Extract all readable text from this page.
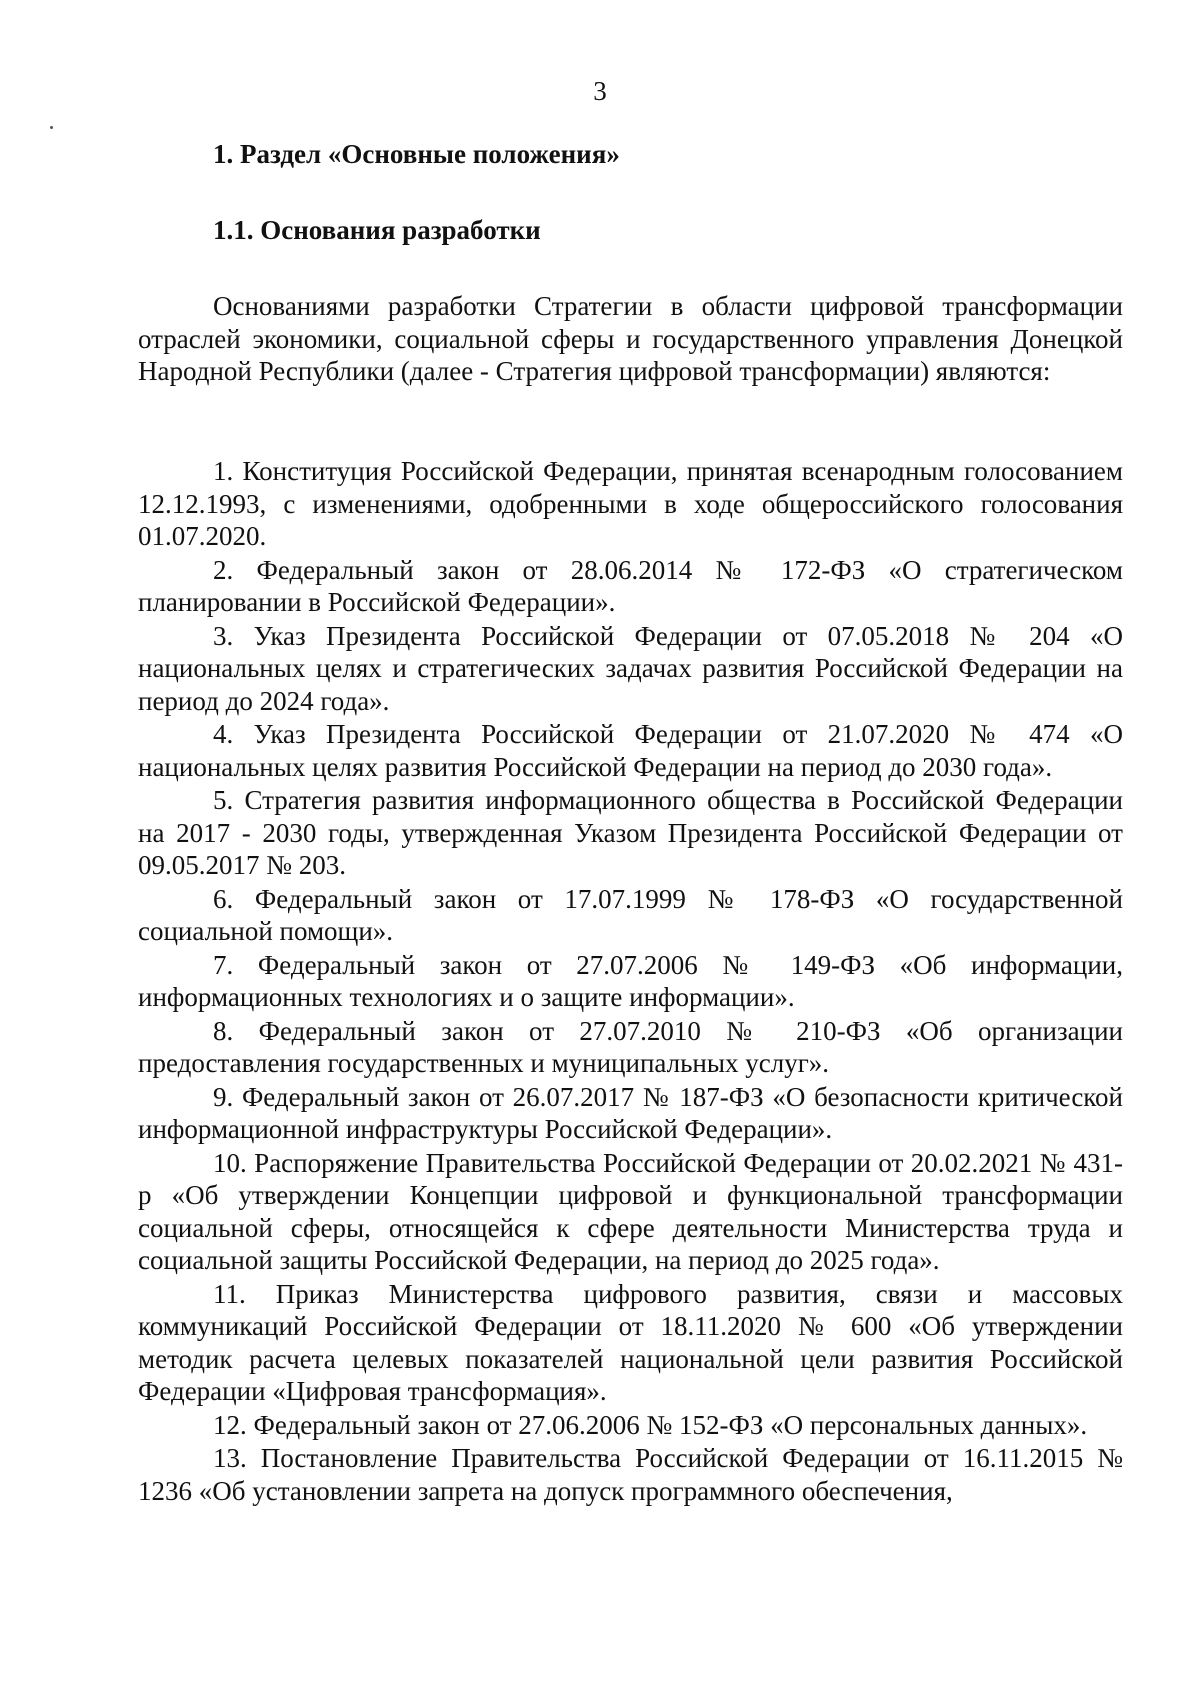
3
1. Раздел «Основные положения»
1.1. Основания разработки
Основаниями разработки Стратегии в области цифровой трансформации отраслей экономики, социальной сферы и государственного управления Донецкой Народной Республики (далее - Стратегия цифровой трансформации) являются:

1. Конституция Российской Федерации, принятая всенародным голосованием 12.12.1993, с изменениями, одобренными в ходе общероссийского голосования 01.07.2020.

2. Федеральный закон от 28.06.2014 № 172-ФЗ «О стратегическом планировании в Российской Федерации».

3. Указ Президента Российской Федерации от 07.05.2018 № 204 «О национальных целях и стратегических задачах развития Российской Федерации на период до 2024 года».

4. Указ Президента Российской Федерации от 21.07.2020 № 474 «О национальных целях развития Российской Федерации на период до 2030 года».

5. Стратегия развития информационного общества в Российской Федерации на 2017 - 2030 годы, утвержденная Указом Президента Российской Федерации от 09.05.2017 № 203.

6. Федеральный закон от 17.07.1999 № 178-ФЗ «О государственной социальной помощи».

7. Федеральный закон от 27.07.2006 № 149-ФЗ «Об информации, информационных технологиях и о защите информации».

8. Федеральный закон от 27.07.2010 № 210-ФЗ «Об организации предоставления государственных и муниципальных услуг».

9. Федеральный закон от 26.07.2017 № 187-ФЗ «О безопасности критической информационной инфраструктуры Российской Федерации».

10. Распоряжение Правительства Российской Федерации от 20.02.2021 № 431-р «Об утверждении Концепции цифровой и функциональной трансформации социальной сферы, относящейся к сфере деятельности Министерства труда и социальной защиты Российской Федерации, на период до 2025 года».

11. Приказ Министерства цифрового развития, связи и массовых коммуникаций Российской Федерации от 18.11.2020 № 600 «Об утверждении методик расчета целевых показателей национальной цели развития Российской Федерации «Цифровая трансформация».

12. Федеральный закон от 27.06.2006 № 152-ФЗ «О персональных данных».

13. Постановление Правительства Российской Федерации от 16.11.2015 № 1236 «Об установлении запрета на допуск программного обеспечения,
